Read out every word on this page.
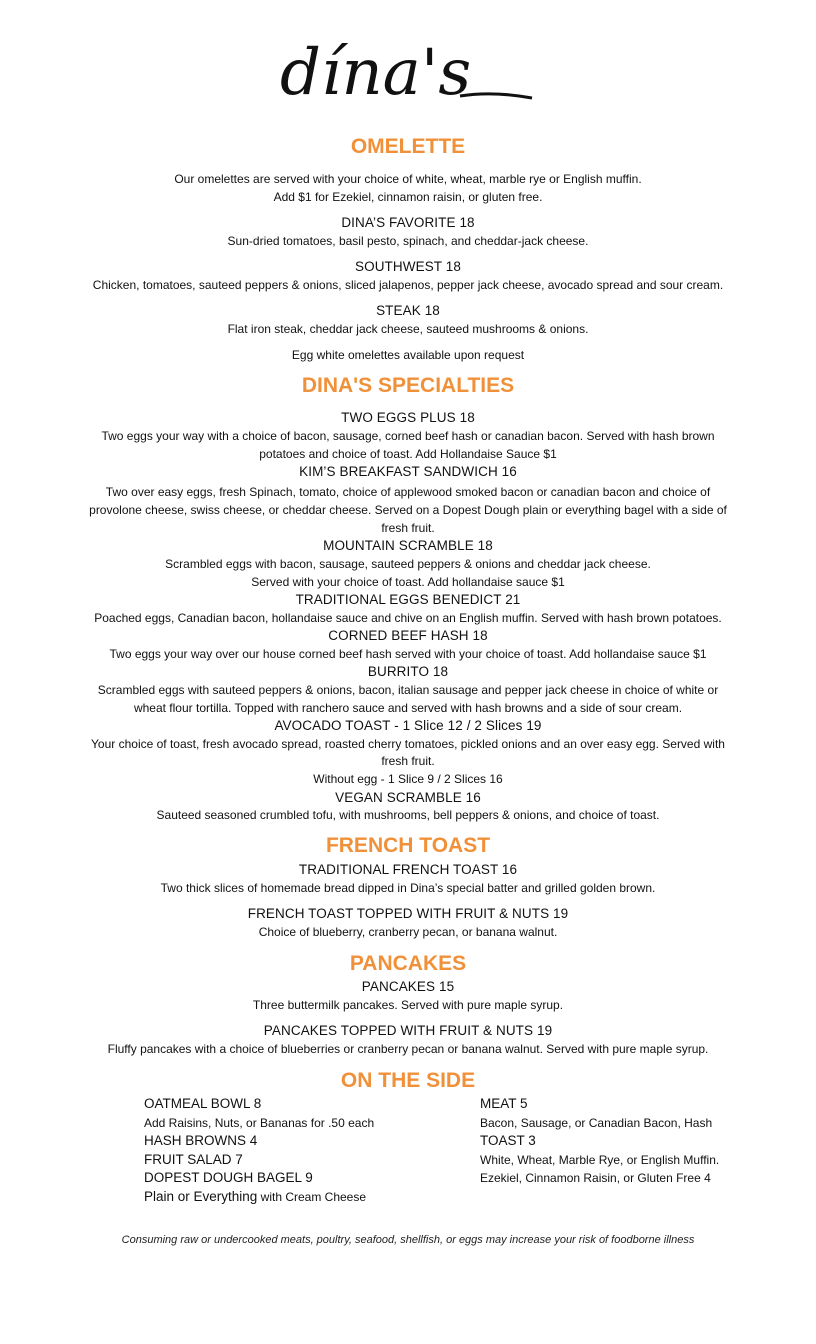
dína's
OMELETTE
Our omelettes are served with your choice of white, wheat, marble rye or English muffin.
Add $1 for Ezekiel, cinnamon raisin, or gluten free.
DINA’S FAVORITE 18
Sun-dried tomatoes, basil pesto, spinach, and cheddar-jack cheese.
SOUTHWEST 18
Chicken, tomatoes, sauteed peppers & onions, sliced jalapenos, pepper jack cheese, avocado spread and sour cream.
STEAK 18
Flat iron steak, cheddar jack cheese, sauteed mushrooms & onions.
Egg white omelettes available upon request
DINA'S SPECIALTIES
TWO EGGS PLUS 18
Two eggs your way with a choice of bacon, sausage, corned beef hash or canadian bacon. Served with hash brown
potatoes and choice of toast. Add Hollandaise Sauce $1
KIM’S BREAKFAST SANDWICH 16
Two over easy eggs, fresh Spinach, tomato, choice of applewood smoked bacon or canadian bacon and choice of
provolone cheese, swiss cheese, or cheddar cheese. Served on a Dopest Dough plain or everything bagel with a side of
fresh fruit.
MOUNTAIN SCRAMBLE 18
Scrambled eggs with bacon, sausage, sauteed peppers & onions and cheddar jack cheese.
Served with your choice of toast. Add hollandaise sauce $1
TRADITIONAL EGGS BENEDICT 21
Poached eggs, Canadian bacon, hollandaise sauce and chive on an English muffin. Served with hash brown potatoes.
CORNED BEEF HASH 18
Two eggs your way over our house corned beef hash served with your choice of toast. Add hollandaise sauce $1
BURRITO 18
Scrambled eggs with sauteed peppers & onions, bacon, italian sausage and pepper jack cheese in choice of white or
wheat flour tortilla. Topped with ranchero sauce and served with hash browns and a side of sour cream.
AVOCADO TOAST - 1 Slice 12 / 2 Slices 19
Your choice of toast, fresh avocado spread, roasted cherry tomatoes, pickled onions and an over easy egg. Served with
fresh fruit.
Without egg - 1 Slice 9 / 2 Slices 16
VEGAN SCRAMBLE 16
Sauteed seasoned crumbled tofu, with mushrooms, bell peppers & onions, and choice of toast.
FRENCH TOAST
TRADITIONAL FRENCH TOAST 16
Two thick slices of homemade bread dipped in Dina’s special batter and grilled golden brown.
FRENCH TOAST TOPPED WITH FRUIT & NUTS 19
Choice of blueberry, cranberry pecan, or banana walnut.
PANCAKES
PANCAKES 15
Three buttermilk pancakes. Served with pure maple syrup.
PANCAKES TOPPED WITH FRUIT & NUTS 19
Fluffy pancakes with a choice of blueberries or cranberry pecan or banana walnut. Served with pure maple syrup.
ON THE SIDE
OATMEAL BOWL 8
Add Raisins, Nuts, or Bananas for .50 each
HASH BROWNS 4
FRUIT SALAD 7
DOPEST DOUGH BAGEL 9
Plain or Everything with Cream Cheese
MEAT 5
Bacon, Sausage, or Canadian Bacon, Hash
TOAST 3
White, Wheat, Marble Rye, or English Muffin.
Ezekiel, Cinnamon Raisin, or Gluten Free 4
Consuming raw or undercooked meats, poultry, seafood, shellfish, or eggs may increase your risk of foodborne illness
